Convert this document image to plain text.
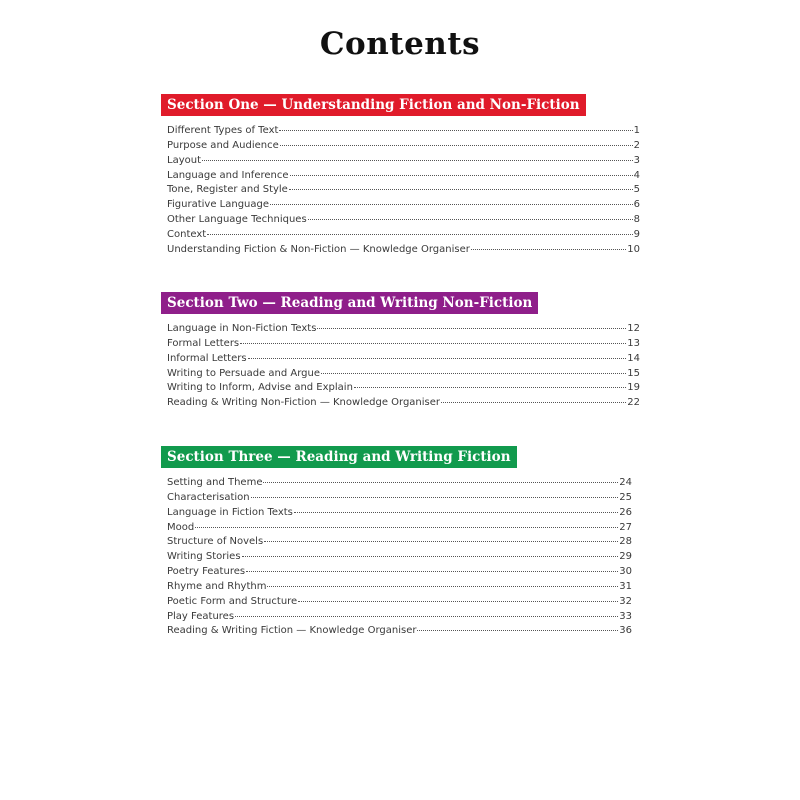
Contents
Section One — Understanding Fiction and Non-Fiction
Different Types of Text	1
Purpose and Audience	2
Layout	3
Language and Inference	4
Tone, Register and Style	5
Figurative Language	6
Other Language Techniques	8
Context	9
Understanding Fiction & Non-Fiction — Knowledge Organiser	10
Section Two — Reading and Writing Non-Fiction
Language in Non-Fiction Texts	12
Formal Letters	13
Informal Letters	14
Writing to Persuade and Argue	15
Writing to Inform, Advise and Explain	19
Reading & Writing Non-Fiction — Knowledge Organiser	22
Section Three — Reading and Writing Fiction
Setting and Theme	24
Characterisation	25
Language in Fiction Texts	26
Mood	27
Structure of Novels	28
Writing Stories	29
Poetry Features	30
Rhyme and Rhythm	31
Poetic Form and Structure	32
Play Features	33
Reading & Writing Fiction — Knowledge Organiser	36
